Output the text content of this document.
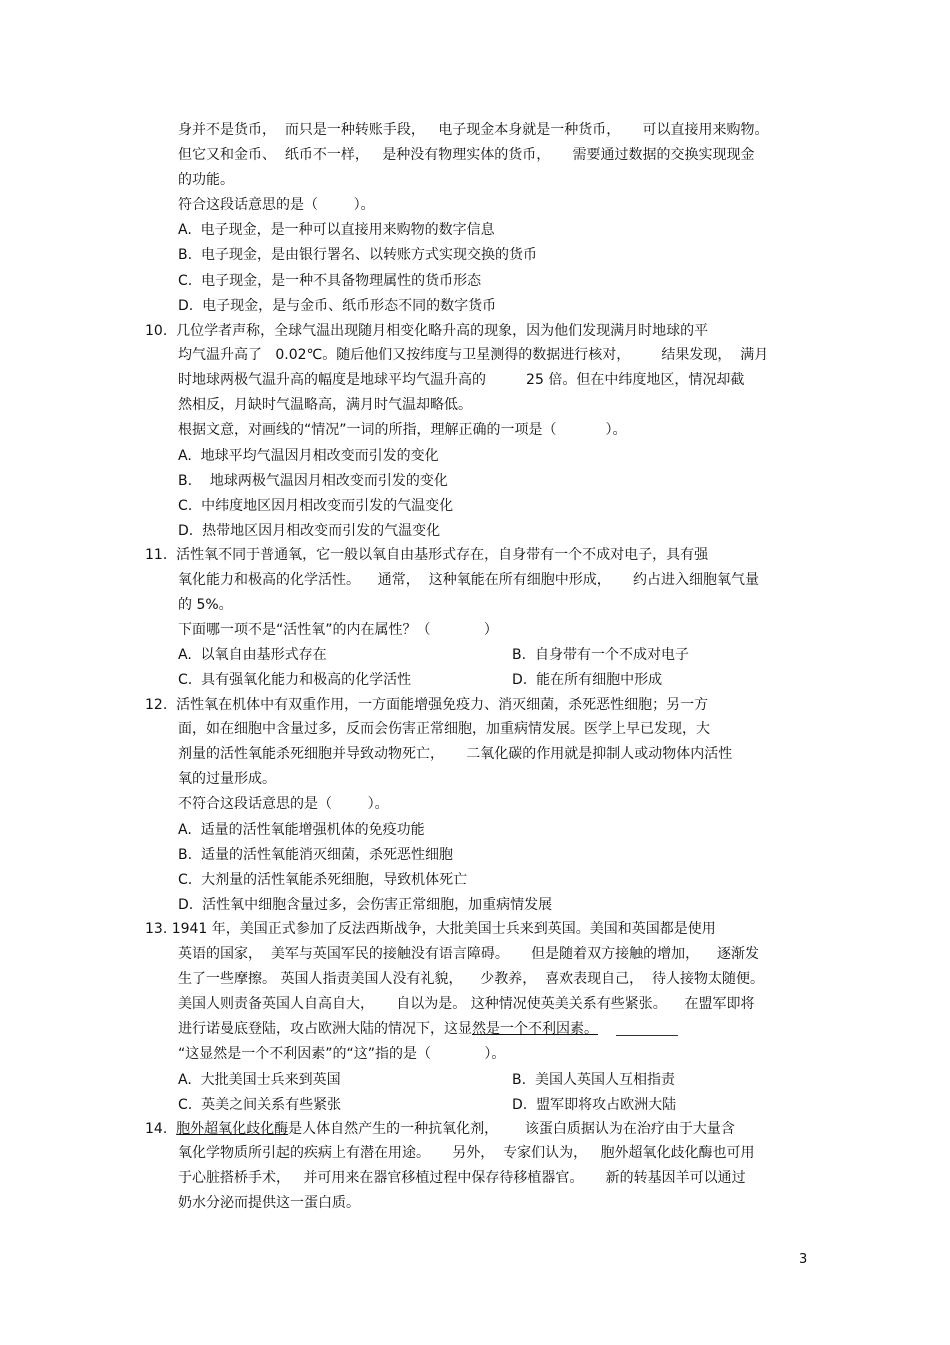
身并不是货币，  而只是一种转账手段，   电子现金本身就是一种货币，     可以直接用来购物。
但它又和金币、  纸币不一样，   是种没有物理实体的货币，     需要通过数据的交换实现现金
的功能。
符合这段话意思的是（        ）。
A.  电子现金，是一种可以直接用来购物的数字信息
B.  电子现金，是由银行署名、以转账方式实现交换的货币
C.  电子现金，是一种不具备物理属性的货币形态
D.  电子现金，是与金币、纸币形态不同的数字货币
10.  几位学者声称，全球气温出现随月相变化略升高的现象，因为他们发现满月时地球的平
均气温升高了   0.02℃。随后他们又按纬度与卫星测得的数据进行核对，       结果发现，  满月
时地球两极气温升高的幅度是地球平均气温升高的         25 倍。但在中纬度地区，情况却截
然相反，月缺时气温略高，满月时气温却略低。
根据文意，对画线的“情况”一词的所指，理解正确的一项是（           ）。
A.  地球平均气温因月相改变而引发的变化
B.    地球两极气温因月相改变而引发的变化
C.  中纬度地区因月相改变而引发的气温变化
D.  热带地区因月相改变而引发的气温变化
11.  活性氧不同于普通氧，它一般以氧自由基形式存在，自身带有一个不成对电子，具有强
氧化能力和极高的化学活性。    通常，  这种氧能在所有细胞中形成，     约占进入细胞氧气量
的 5%。
下面哪一项不是“活性氧”的内在属性？（            ）
A.  以氧自由基形式存在	B.  自身带有一个不成对电子
C.  具有强氧化能力和极高的化学活性	D.  能在所有细胞中形成
12.  活性氧在机体中有双重作用，一方面能增强免疫力、消灭细菌，杀死恶性细胞；另一方
面，如在细胞中含量过多，反而会伤害正常细胞，加重病情发展。医学上早已发现，大
剂量的活性氧能杀死细胞并导致动物死亡，     二氧化碳的作用就是抑制人或动物体内活性
氧的过量形成。
不符合这段话意思的是（        ）。
A.  适量的活性氧能增强机体的免疫功能
B.  适量的活性氧能消灭细菌，杀死恶性细胞
C.  大剂量的活性氧能杀死细胞，导致机体死亡
D.  活性氧中细胞含量过多，会伤害正常细胞，加重病情发展
13. 1941 年，美国正式参加了反法西斯战争，大批美国士兵来到英国。美国和英国都是使用
英语的国家，  美军与英国军民的接触没有语言障碍。     但是随着双方接触的增加，    逐渐发
生了一些摩擦。 英国人指责美国人没有礼貌，    少教养，  喜欢表现自己，  待人接物太随便。
美国人则责备英国人自高自大，     自以为是。 这种情况使英美关系有些紧张。    在盟军即将
进行诺曼底登陆，攻占欧洲大陆的情况下，这显然是一个不利因素。
“这显然是一个不利因素”的“这”指的是（            ）。
A.  大批美国士兵来到英国	B.  美国人英国人互相指责
C.  英美之间关系有些紧张	D.  盟军即将攻占欧洲大陆
14.  胞外超氧化歧化酶是人体自然产生的一种抗氧化剂，      该蛋白质据认为在治疗由于大量含
氧化学物质所引起的疾病上有潜在用途。     另外，  专家们认为，   胞外超氧化歧化酶也可用
于心脏搭桥手术，   并可用来在器官移植过程中保存待移植器官。     新的转基因羊可以通过
奶水分泌而提供这一蛋白质。
3
